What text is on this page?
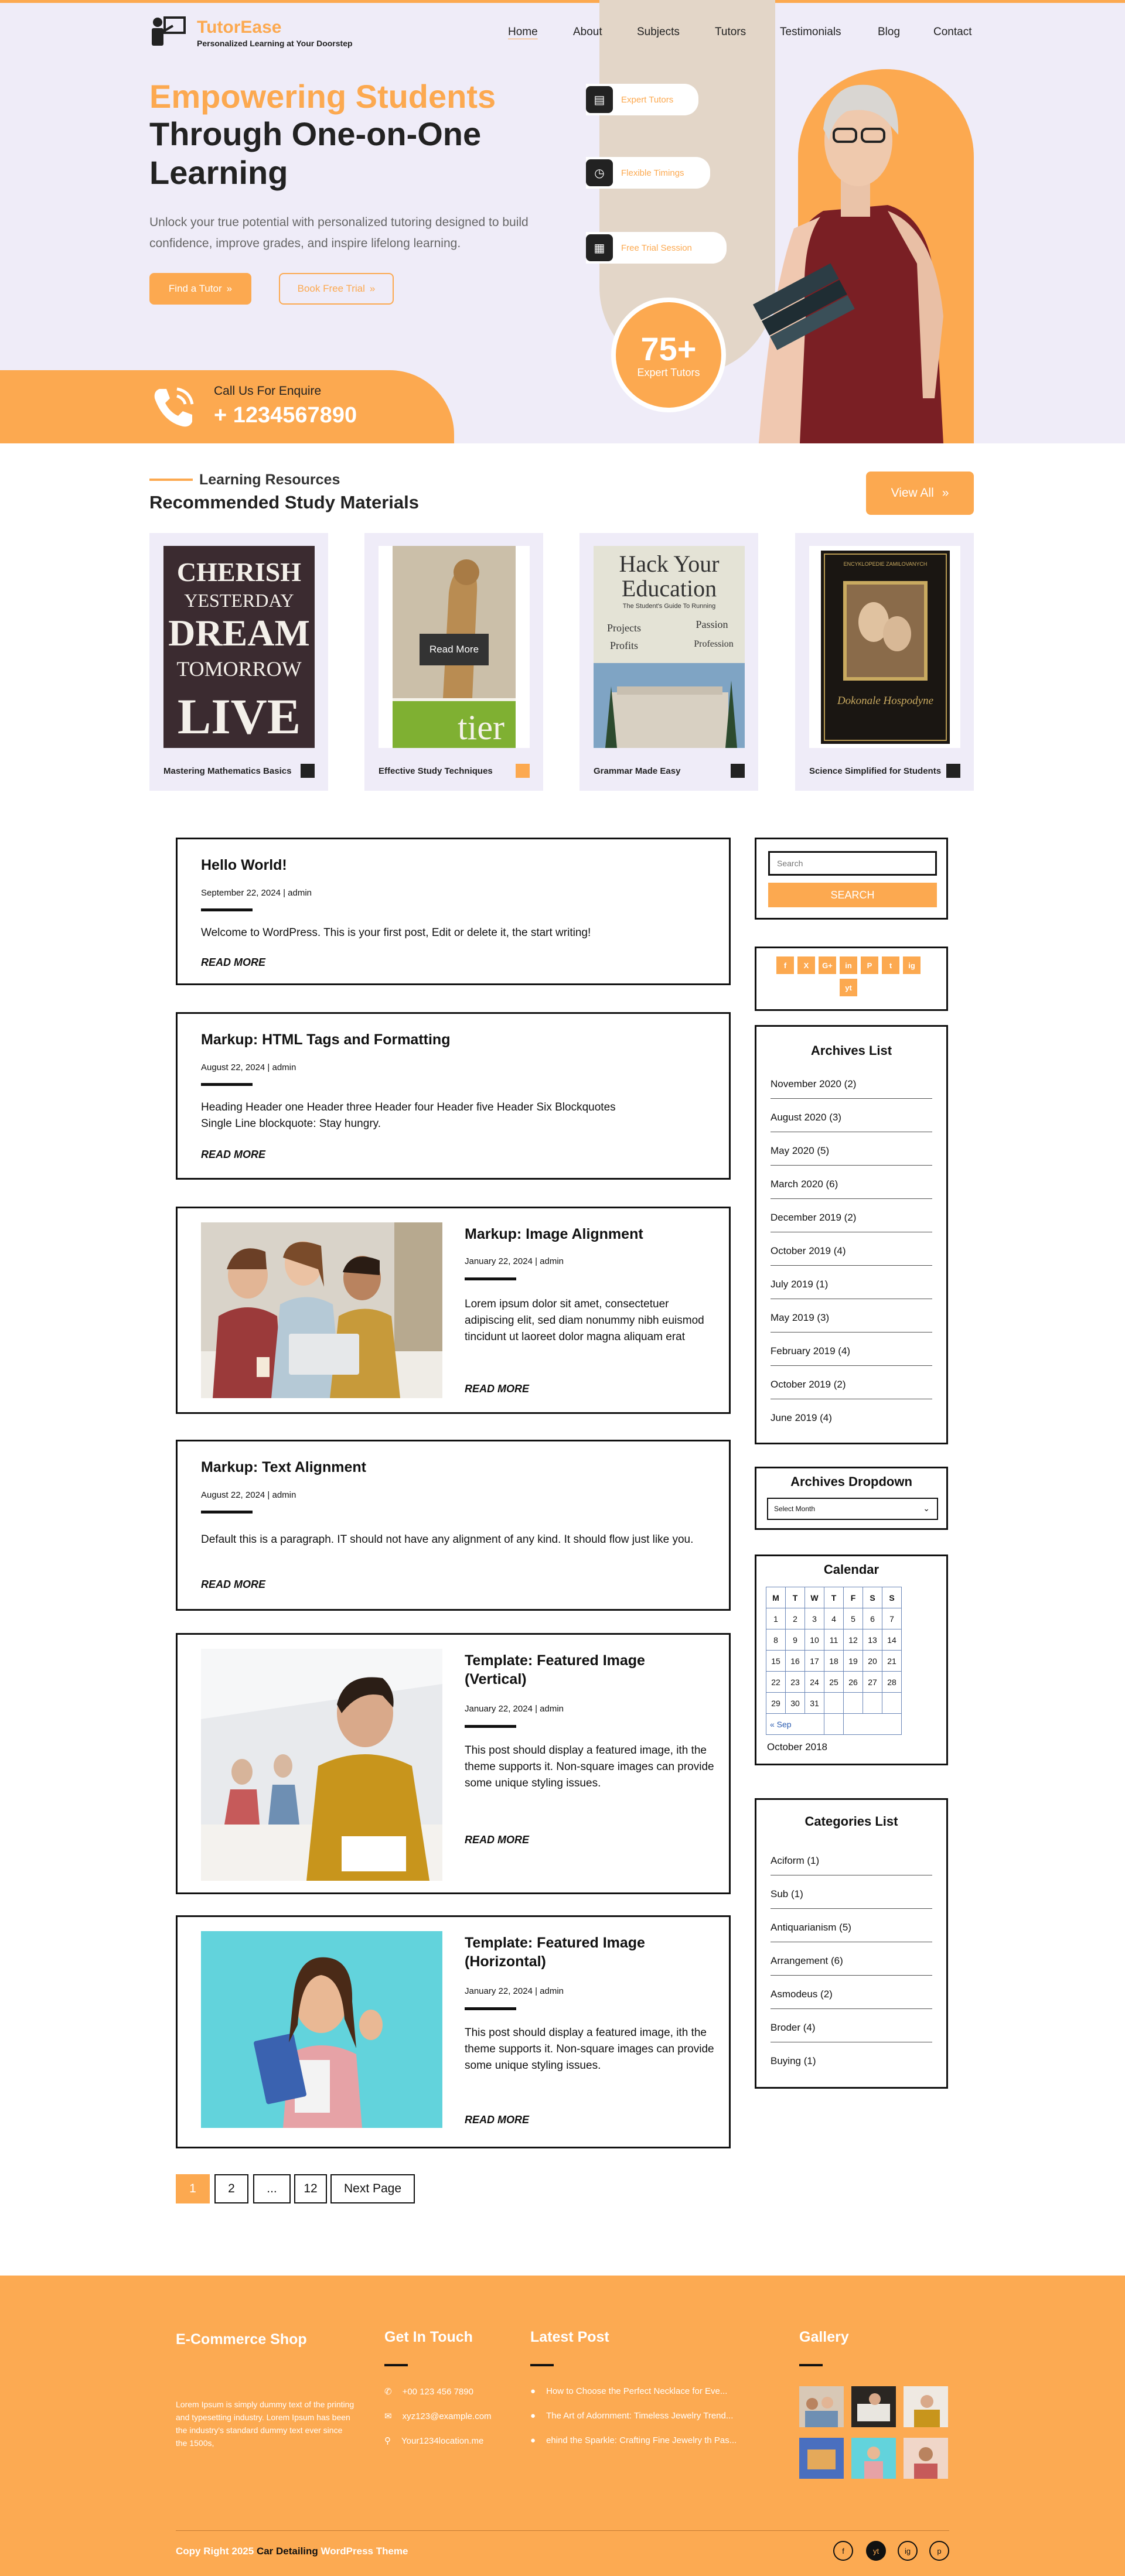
TutorEase
Personalized Learning at Your Doorstep
Home	About	Subjects	Tutors	Testimonials	Blog	Contact
Empowering Students
Through One-on-One
Learning
Unlock your true potential with personalized tutoring designed to build confidence, improve grades, and inspire lifelong learning.
Find a Tutor »	Book Free Trial »
▤	Expert Tutors
◷	Flexible Timings
▦	Free Trial Session
75+
Expert Tutors
Call Us For Enquire
+ 1234567890
Learning Resources
Recommended Study Materials	View All »
CHERISH
YESTERDAY
DREAM
TOMORROW
LIVE
Mastering Mathematics Basics
tier
Read More
Effective Study Techniques
Hack Your
Education
The Student's Guide To Running
Projects	Passion
Profits	Profession
Grammar Made Easy
ENCYKLOPEDIE ZAMILOVANYCH
Dokonale Hospodyne
Science Simplified for Students
Hello World!
September 22, 2024 | admin
Welcome to WordPress. This is your first post, Edit or delete it, the start writing!
READ MORE
Markup: HTML Tags and Formatting
August 22, 2024 | admin
Heading Header one Header three Header four Header five Header Six Blockquotes Single Line blockquote: Stay hungry.
READ MORE
Markup: Image Alignment
January 22, 2024 | admin
Lorem ipsum dolor sit amet, consectetuer adipiscing elit, sed diam nonummy nibh euismod tincidunt ut laoreet dolor magna aliquam erat
READ MORE
Markup: Text Alignment
August 22, 2024 | admin
Default this is a paragraph. IT should not have any alignment of any kind. It should flow just like you.
READ MORE
Template: Featured Image (Vertical)
January 22, 2024 | admin
This post should display a featured image, ith the theme supports it. Non-square images can provide some unique styling issues.
READ MORE
Template: Featured Image (Horizontal)
January 22, 2024 | admin
This post should display a featured image, ith the theme supports it. Non-square images can provide some unique styling issues.
READ MORE
1	2	...	12	Next Page
Search
SEARCH
f	X	G+	in	P	t	ig
yt
Archives List
November 2020 (2)
August 2020 (3)
May 2020 (5)
March 2020 (6)
December 2019 (2)
October 2019 (4)
July 2019 (1)
May 2019 (3)
February 2019 (4)
October 2019 (2)
June 2019 (4)
Archives Dropdown
Select Month	⌄
Calendar
M	T	W	T	F	S	S
1	2	3	4	5	6	7
8	9	10	11	12	13	14
15	16	17	18	19	20	21
22	23	24	25	26	27	28
29	30	31				
« Sep						
October 2018
Categories List
Aciform (1)
Sub (1)
Antiquarianism (5)
Arrangement (6)
Asmodeus (2)
Broder (4)
Buying (1)
E-Commerce Shop
Lorem Ipsum is simply dummy text of the printing and typesetting industry. Lorem Ipsum has been the industry's standard dummy text ever since the 1500s,
Get In Touch
✆ +00 123 456 7890
✉ xyz123@example.com
⚲ Your1234location.me
Latest Post
● How to Choose the Perfect Necklace for Eve...
● The Art of Adornment: Timeless Jewelry Trend...
● ehind the Sparkle: Crafting Fine Jewelry th Pas...
Gallery
Copy Right 2025 Car Detailing WordPress Theme	f	yt	ig	p
